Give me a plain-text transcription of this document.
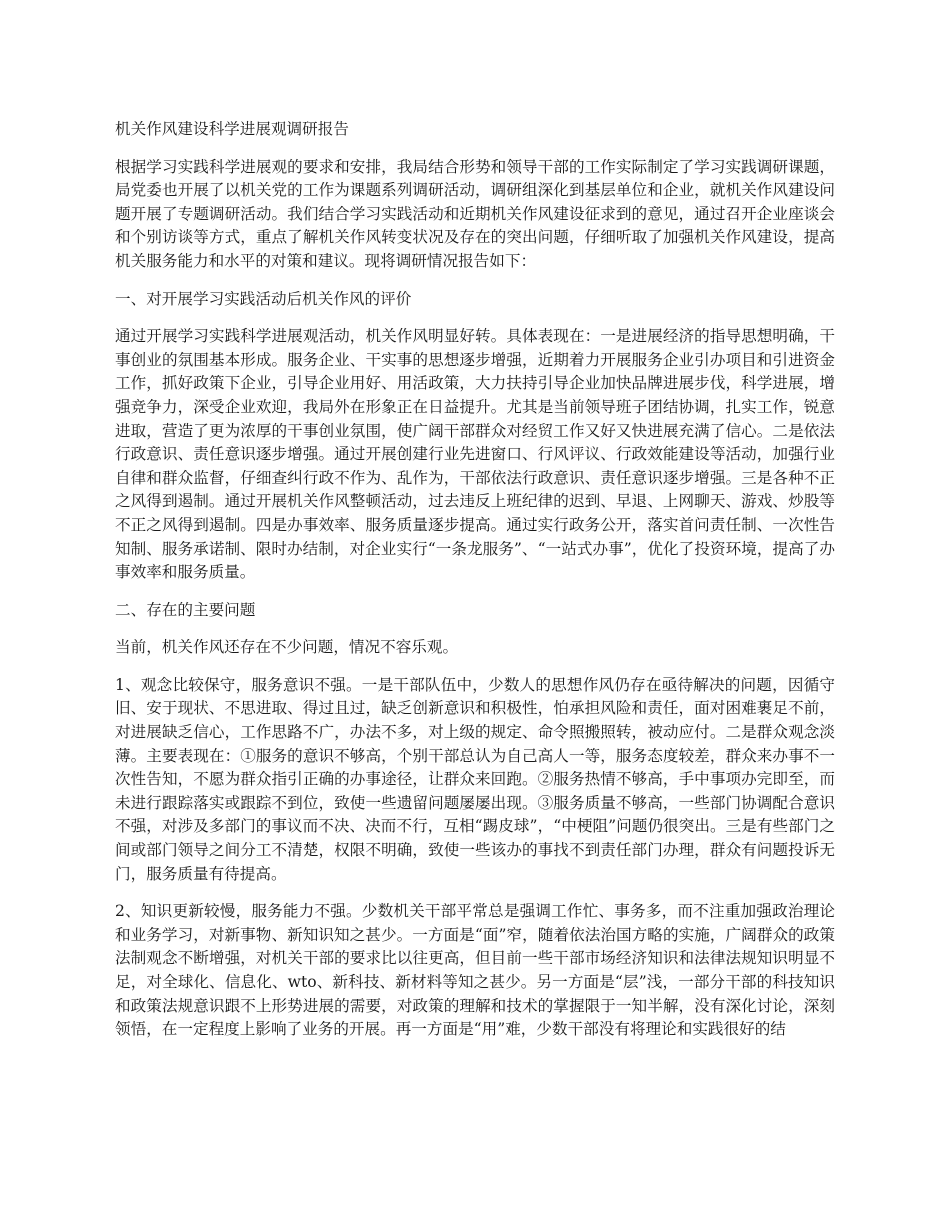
机关作风建设科学进展观调研报告

根据学习实践科学进展观的要求和安排，我局结合形势和领导干部的工作实际制定了学习实践调研课题，局党委也开展了以机关党的工作为课题系列调研活动，调研组深化到基层单位和企业，就机关作风建设问题开展了专题调研活动。我们结合学习实践活动和近期机关作风建设征求到的意见，通过召开企业座谈会和个别访谈等方式，重点了解机关作风转变状况及存在的突出问题，仔细听取了加强机关作风建设，提高机关服务能力和水平的对策和建议。现将调研情况报告如下：

一、对开展学习实践活动后机关作风的评价

通过开展学习实践科学进展观活动，机关作风明显好转。具体表现在：一是进展经济的指导思想明确，干事创业的氛围基本形成。服务企业、干实事的思想逐步增强，近期着力开展服务企业引办项目和引进资金工作，抓好政策下企业，引导企业用好、用活政策，大力扶持引导企业加快品牌进展步伐，科学进展，增强竞争力，深受企业欢迎，我局外在形象正在日益提升。尤其是当前领导班子团结协调，扎实工作，锐意进取，营造了更为浓厚的干事创业氛围，使广阔干部群众对经贸工作又好又快进展充满了信心。二是依法行政意识、责任意识逐步增强。通过开展创建行业先进窗口、行风评议、行政效能建设等活动，加强行业自律和群众监督，仔细查纠行政不作为、乱作为，干部依法行政意识、责任意识逐步增强。三是各种不正之风得到遏制。通过开展机关作风整顿活动，过去违反上班纪律的迟到、早退、上网聊天、游戏、炒股等不正之风得到遏制。四是办事效率、服务质量逐步提高。通过实行政务公开，落实首问责任制、一次性告知制、服务承诺制、限时办结制，对企业实行“一条龙服务”、“一站式办事”，优化了投资环境，提高了办事效率和服务质量。

二、存在的主要问题

当前，机关作风还存在不少问题，情况不容乐观。

1、观念比较保守，服务意识不强。一是干部队伍中，少数人的思想作风仍存在亟待解决的问题，因循守旧、安于现状、不思进取、得过且过，缺乏创新意识和积极性，怕承担风险和责任，面对困难裹足不前，对进展缺乏信心，工作思路不广，办法不多，对上级的规定、命令照搬照转，被动应付。二是群众观念淡薄。主要表现在：①服务的意识不够高，个别干部总认为自己高人一等，服务态度较差，群众来办事不一次性告知，不愿为群众指引正确的办事途径，让群众来回跑。②服务热情不够高，手中事项办完即至，而未进行跟踪落实或跟踪不到位，致使一些遗留问题屡屡出现。③服务质量不够高，一些部门协调配合意识不强，对涉及多部门的事议而不决、决而不行，互相“踢皮球”，“中梗阻”问题仍很突出。三是有些部门之间或部门领导之间分工不清楚，权限不明确，致使一些该办的事找不到责任部门办理，群众有问题投诉无门，服务质量有待提高。

2、知识更新较慢，服务能力不强。少数机关干部平常总是强调工作忙、事务多，而不注重加强政治理论和业务学习，对新事物、新知识知之甚少。一方面是“面”窄，随着依法治国方略的实施，广阔群众的政策法制观念不断增强，对机关干部的要求比以往更高，但目前一些干部市场经济知识和法律法规知识明显不足，对全球化、信息化、wto、新科技、新材料等知之甚少。另一方面是“层”浅，一部分干部的科技知识和政策法规意识跟不上形势进展的需要，对政策的理解和技术的掌握限于一知半解，没有深化讨论，深刻领悟，在一定程度上影响了业务的开展。再一方面是“用”难，少数干部没有将理论和实践很好的结
